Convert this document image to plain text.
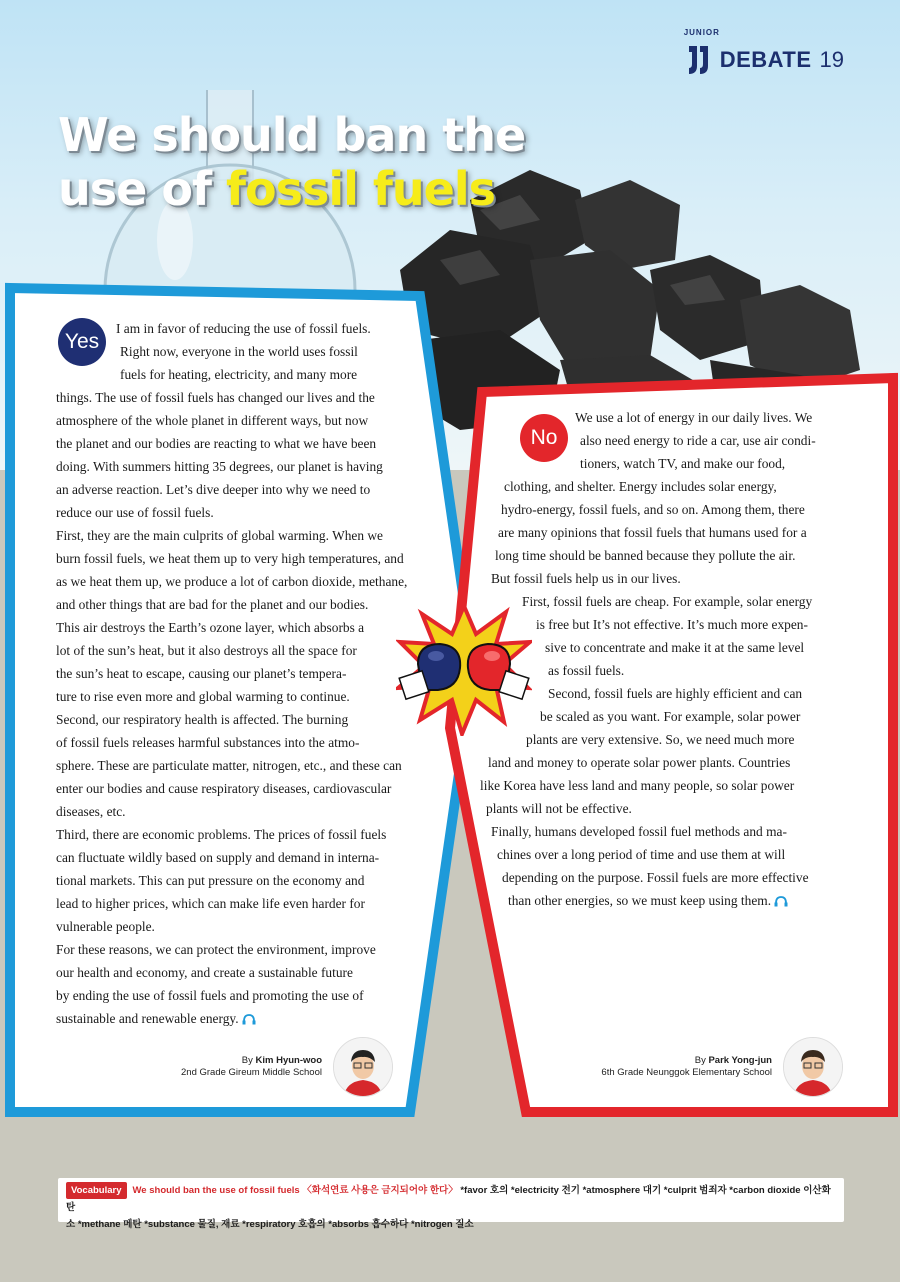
JUNIOR
DEBATE 19
We should ban the
use of fossil fuels
Yes

I am in favor of reducing the use of fossil fuels.

Right now, everyone in the world uses fossil

fuels for heating, electricity, and many more

things. The use of fossil fuels has changed our lives and the

atmosphere of the whole planet in different ways, but now

the planet and our bodies are reacting to what we have been

doing. With summers hitting 35 degrees, our planet is having

an adverse reaction. Let’s dive deeper into why we need to

reduce our use of fossil fuels.

First, they are the main culprits of global warming. When we

burn fossil fuels, we heat them up to very high temperatures, and

as we heat them up, we produce a lot of carbon dioxide, methane,

and other things that are bad for the planet and our bodies.

This air destroys the Earth’s ozone layer, which absorbs a

lot of the sun’s heat, but it also destroys all the space for

the sun’s heat to escape, causing our planet’s tempera-

ture to rise even more and global warming to continue.

Second, our respiratory health is affected. The burning

of fossil fuels releases harmful substances into the atmo-

sphere. These are particulate matter, nitrogen, etc., and these can

enter our bodies and cause respiratory diseases, cardiovascular

diseases, etc.

Third, there are economic problems. The prices of fossil fuels

can fluctuate wildly based on supply and demand in interna-

tional markets. This can put pressure on the economy and

lead to higher prices, which can make life even harder for

vulnerable people.

For these reasons, we can protect the environment, improve

our health and economy, and create a sustainable future

by ending the use of fossil fuels and promoting the use of

sustainable and renewable energy.

By Kim Hyun-woo
2nd Grade Gireum Middle School
No

We use a lot of energy in our daily lives. We

also need energy to ride a car, use air condi-

tioners, watch TV, and make our food,

clothing, and shelter. Energy includes solar energy,

hydro-energy, fossil fuels, and so on. Among them, there

are many opinions that fossil fuels that humans used for a

long time should be banned because they pollute the air.

But fossil fuels help us in our lives.

First, fossil fuels are cheap. For example, solar energy

is free but It’s not effective. It’s much more expen-

sive to concentrate and make it at the same level

as fossil fuels.

Second, fossil fuels are highly efficient and can

be scaled as you want. For example, solar power

plants are very extensive. So, we need much more

land and money to operate solar power plants. Countries

like Korea have less land and many people, so solar power

plants will not be effective.

Finally, humans developed fossil fuel methods and ma-

chines over a long period of time and use them at will

depending on the purpose. Fossil fuels are more effective

than other energies, so we must keep using them.

By Park Yong-jun
6th Grade Neunggok Elementary School
Vocabulary We should ban the use of fossil fuels 〈화석연료 사용은 금지되어야 한다〉 *favor 호의 *electricity 전기 *atmosphere 대기 *culprit 범죄자 *carbon dioxide 이산화탄
소 *methane 메탄 *substance 물질, 재료 *respiratory 호흡의 *absorbs 흡수하다 *nitrogen 질소
